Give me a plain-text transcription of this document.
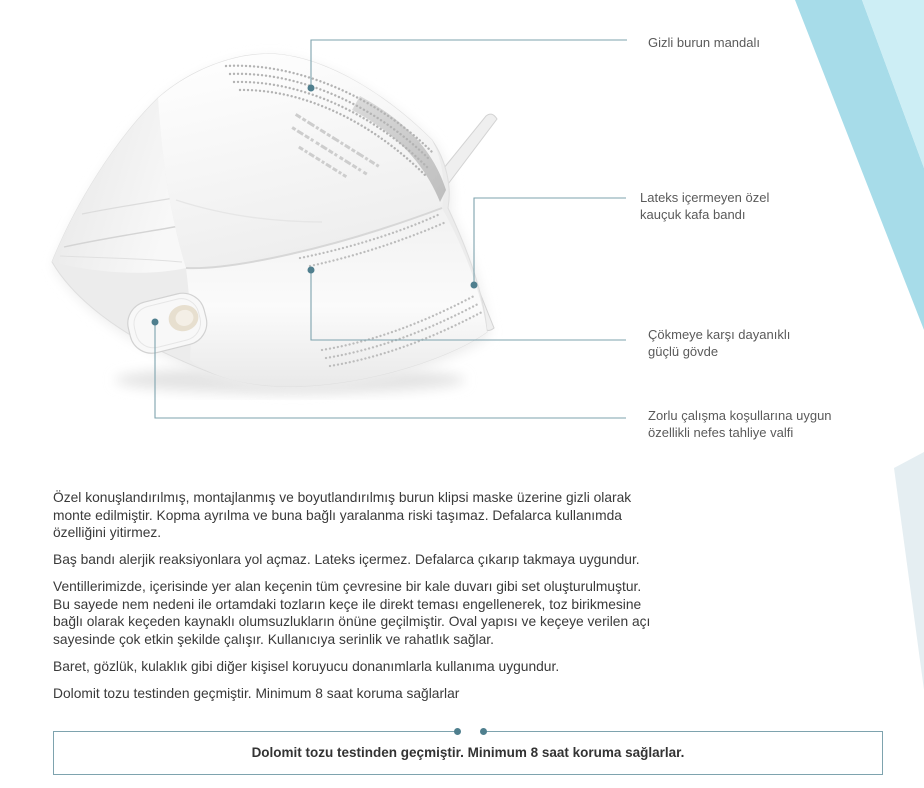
Gizli burun mandalı
Lateks içermeyen özel
kauçuk kafa bandı
Çökmeye karşı dayanıklı
güçlü gövde
Zorlu çalışma koşullarına uygun
özellikli nefes tahliye valfi
Özel konuşlandırılmış, montajlanmış ve boyutlandırılmış burun klipsi maske üzerine gizli olarak
monte edilmiştir. Kopma ayrılma ve buna bağlı yaralanma riski taşımaz. Defalarca kullanımda
özelliğini yitirmez.
Baş bandı alerjik reaksiyonlara yol açmaz. Lateks içermez. Defalarca çıkarıp takmaya uygundur.
Ventillerimizde, içerisinde yer alan keçenin tüm çevresine bir kale duvarı gibi set oluşturulmuştur.
Bu sayede nem nedeni ile ortamdaki tozların keçe ile direkt teması engellenerek, toz birikmesine
bağlı olarak keçeden kaynaklı olumsuzlukların önüne geçilmiştir. Oval yapısı ve keçeye verilen açı
sayesinde çok etkin şekilde çalışır. Kullanıcıya serinlik ve rahatlık sağlar.
Baret, gözlük, kulaklık gibi diğer kişisel koruyucu donanımlarla kullanıma uygundur.
Dolomit tozu testinden geçmiştir. Minimum 8 saat koruma sağlarlar
Dolomit tozu testinden geçmiştir. Minimum 8 saat koruma sağlarlar.
